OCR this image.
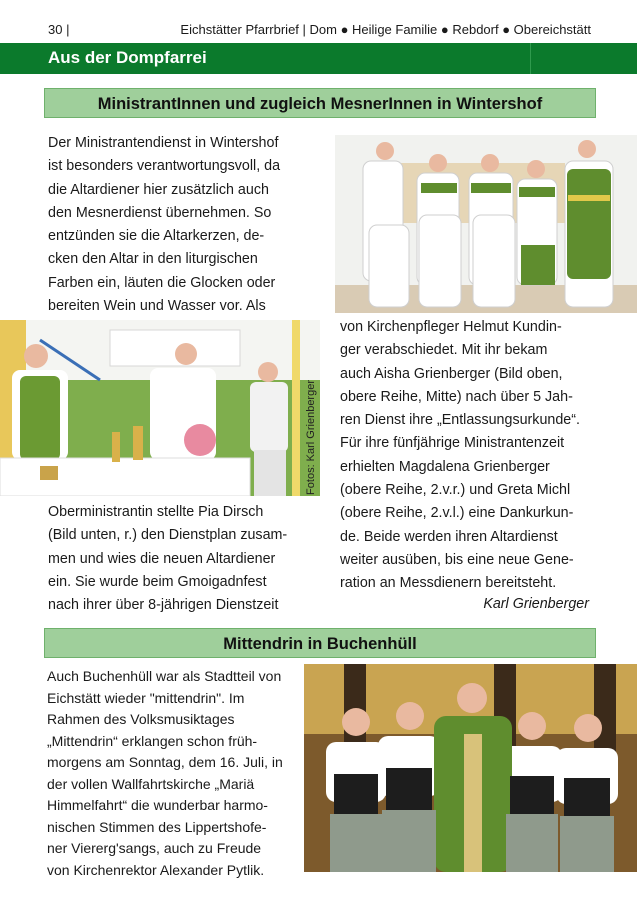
30 |	Eichstätter Pfarrbrief | Dom ● Heilige Familie ● Rebdorf ● Obereichstätt
Aus der Dompfarrei
MinistrantInnen und zugleich MesnerInnen in Wintershof
Der Ministrantendienst in Wintershof
ist besonders verantwortungsvoll, da
die Altardiener hier zusätzlich auch
den Mesnerdienst übernehmen. So
entzünden sie die Altarkerzen, de-
cken den Altar in den liturgischen
Farben ein, läuten die Glocken oder
bereiten Wein und Wasser vor. Als
Fotos: Karl Grienberger
Oberministrantin stellte Pia Dirsch
(Bild unten, r.) den Dienstplan zusam-
men und wies die neuen Altardiener
ein. Sie wurde beim Gmoigadnfest
nach ihrer über 8-jährigen Dienstzeit
von Kirchenpfleger Helmut Kundin-
ger verabschiedet. Mit ihr bekam
auch Aisha Grienberger (Bild oben,
obere Reihe, Mitte) nach über 5 Jah-
ren Dienst ihre „Entlassungsurkunde“.
Für ihre fünfjährige Ministrantenzeit
erhielten Magdalena Grienberger
(obere Reihe, 2.v.r.) und Greta Michl
(obere Reihe, 2.v.l.) eine Dankurkun-
de. Beide werden ihren Altardienst
weiter ausüben, bis eine neue Gene-
ration an Messdienern bereitsteht.
Karl Grienberger
Mittendrin in Buchenhüll
Auch Buchenhüll war als Stadtteil von
Eichstätt wieder "mittendrin". Im
Rahmen des Volksmusiktages
„Mittendrin“ erklangen schon früh-
morgens am Sonntag, dem 16. Juli, in
der vollen Wallfahrtskirche „Mariä
Himmelfahrt“ die wunderbar harmo-
nischen Stimmen des Lippertshofe-
ner Viererg'sangs, auch zu Freude
von Kirchenrektor Alexander Pytlik.
